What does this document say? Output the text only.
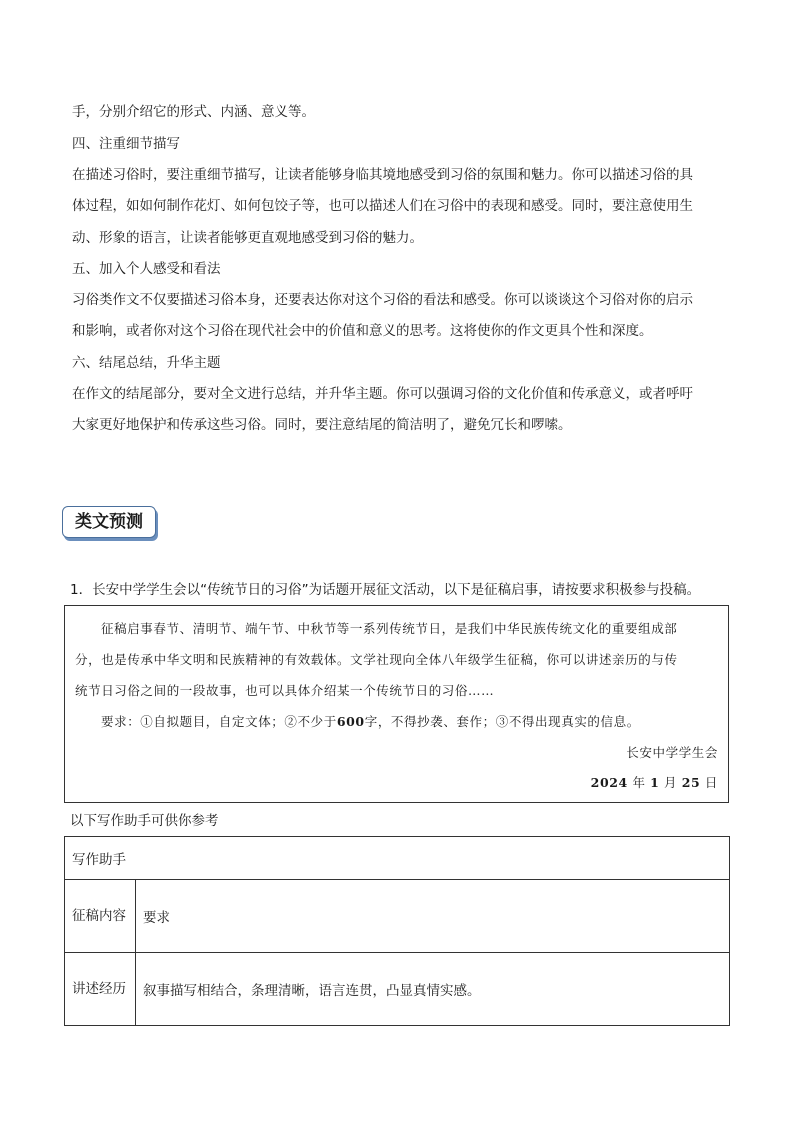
手，分别介绍它的形式、内涵、意义等。
四、注重细节描写
在描述习俗时，要注重细节描写，让读者能够身临其境地感受到习俗的氛围和魅力。你可以描述习俗的具
体过程，如如何制作花灯、如何包饺子等，也可以描述人们在习俗中的表现和感受。同时，要注意使用生
动、形象的语言，让读者能够更直观地感受到习俗的魅力。
五、加入个人感受和看法
习俗类作文不仅要描述习俗本身，还要表达你对这个习俗的看法和感受。你可以谈谈这个习俗对你的启示
和影响，或者你对这个习俗在现代社会中的价值和意义的思考。这将使你的作文更具个性和深度。
六、结尾总结，升华主题
在作文的结尾部分，要对全文进行总结，并升华主题。你可以强调习俗的文化价值和传承意义，或者呼吁
大家更好地保护和传承这些习俗。同时，要注意结尾的简洁明了，避免冗长和啰嗦。
类文预测
1．长安中学学生会以“传统节日的习俗”为话题开展征文活动，以下是征稿启事，请按要求积极参与投稿。
征稿启事春节、清明节、端午节、中秋节等一系列传统节日，是我们中华民族传统文化的重要组成部
分，也是传承中华文明和民族精神的有效载体。文学社现向全体八年级学生征稿，你可以讲述亲历的与传
统节日习俗之间的一段故事，也可以具体介绍某一个传统节日的习俗……
要求：①自拟题目，自定文体；②不少于600字，不得抄袭、套作；③不得出现真实的信息。
长安中学学生会
2024 年 1 月 25 日
以下写作助手可供你参考
写作助手	
征稿内容	要求
讲述经历	叙事描写相结合，条理清晰，语言连贯，凸显真情实感。
